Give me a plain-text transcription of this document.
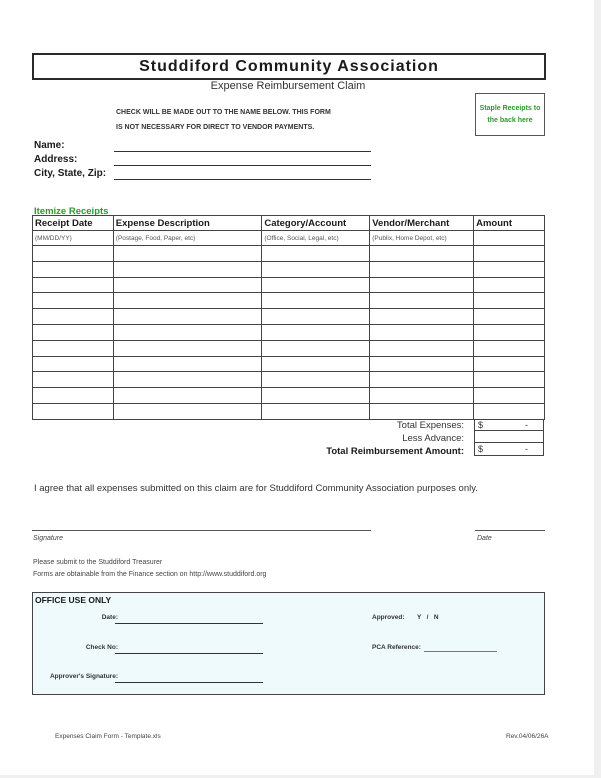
Studdiford Community Association
Expense Reimbursement Claim
CHECK WILL BE MADE OUT TO THE NAME BELOW. THIS FORM
IS NOT NECESSARY FOR DIRECT TO VENDOR PAYMENTS.
Staple Receipts to
the back here
Name:
Address:
City, State, Zip:
Itemize Receipts
Receipt Date	Expense Description	Category/Account	Vendor/Merchant	Amount
(MM/DD/YY)	(Postage, Food, Paper, etc)	(Office, Social, Legal, etc)	(Publix, Home Depot, etc)	

Total Expenses: $	-
Less Advance:
Total Reimbursement Amount: $	-
I agree that all expenses submitted on this claim are for Studdiford Community Association purposes only.
Signature	Date
Please submit to the Studdiford Treasurer
Forms are obtainable from the Finance section on http://www.studdiford.org
OFFICE USE ONLY
Date:
Check No:
Approver's Signature:
Approved: Y   /   N
PCA Reference:
Expenses Claim Form - Template.xls	Rev.04/06/26A
